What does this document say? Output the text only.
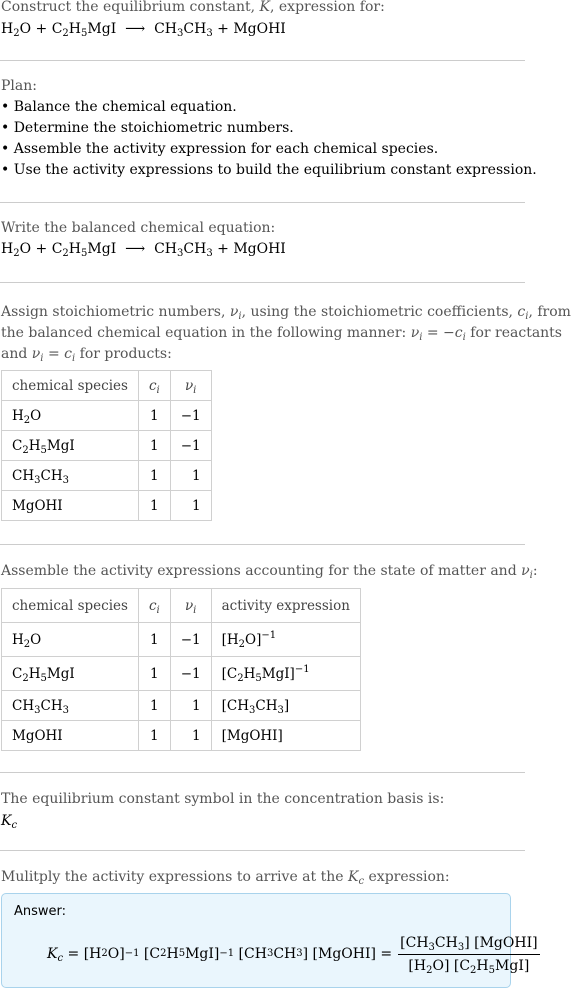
Construct the equilibrium constant, K, expression for:
$H_2O + C_2H_5MgI$  ⟶  $CH_3CH_3$ + MgOHI
Plan:
• Balance the chemical equation.
• Determine the stoichiometric numbers.
• Assemble the activity expression for each chemical species.
• Use the activity expressions to build the equilibrium constant expression.
Write the balanced chemical equation:
$H_2O + C_2H_5MgI$  ⟶  $CH_3CH_3$ + MgOHI
Assign stoichiometric numbers, $\nu_i$, using the stoichiometric coefficients, $c_i$, from
the balanced chemical equation in the following manner: $\nu_i = -c_i$ for reactants
and $\nu_i = c_i$ for products:
chemical species	$c_i$	$\nu_i$
$H_2O$	1	−1
$C_2H_5MgI$	1	−1
$CH_3CH_3$	1	1
MgOHI	1	1
Assemble the activity expressions accounting for the state of matter and $\nu_i$:
chemical species	$c_i$	$\nu_i$	activity expression
$H_2O$	1	−1	$[H_2O]^{-1}$
$C_2H_5MgI$	1	−1	$[C_2H_5MgI]^{-1}$
$CH_3CH_3$	1	1	$[CH_3CH_3]$
MgOHI	1	1	[MgOHI]
The equilibrium constant symbol in the concentration basis is:
$K_c$
Mulitply the activity expressions to arrive at the $K_c$ expression:
Answer:
$K_c = [H$ 2 O] −1 [C 2 H 5 MgI] −1 [CH 3 CH 3 ] [MgOHI] = $\frac{[CH_3CH_3] [MgOHI]}{[H_2O] [C_2H_5MgI]}$
